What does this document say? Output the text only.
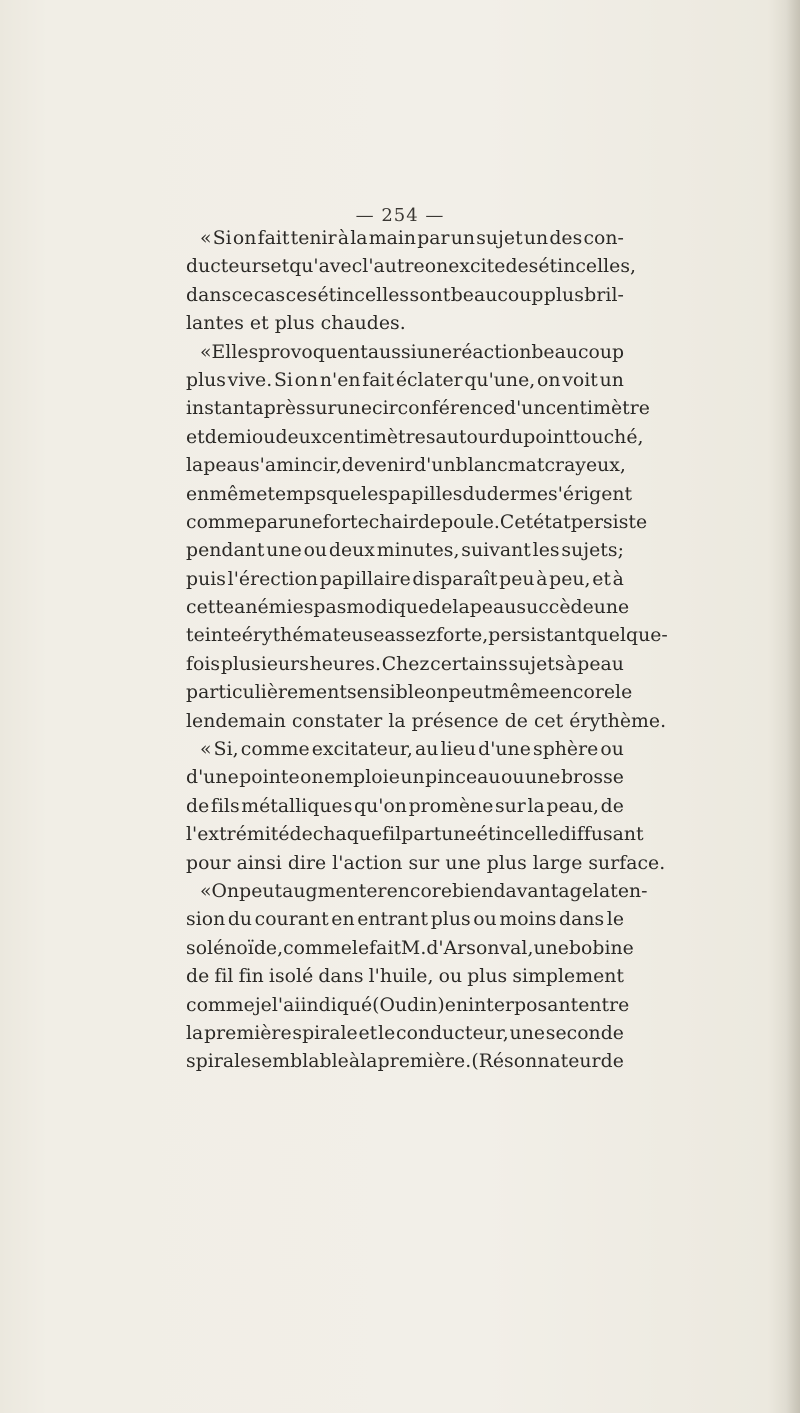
— 254 —
« Si on fait tenir à la main par un sujet un des con-
ducteurs et qu'avec l'autre on excite des étincelles,
dans ce cas ces étincelles sont beaucoup plus bril-
lantes et plus chaudes.
« Elles provoquent aussi une réaction beaucoup
plus vive. Si on n'en fait éclater qu'une, on voit un
instant après sur une circonférence d'un centimètre
et demi ou deux centimètres autour du point touché,
la peau s'amincir, devenir d'un blanc mat crayeux,
en même temps que les papilles du derme s'érigent
comme par une forte chair de poule. Cet état persiste
pendant une ou deux minutes, suivant les sujets;
puis l'érection papillaire disparaît peu à peu, et à
cette anémie spasmodique de la peau succède une
teinte érythémateuse assez forte, persistant quelque-
fois plusieurs heures. Chez certains sujets à peau
particulièrement sensible on peut même encore le
lendemain constater la présence de cet érythème.
« Si, comme excitateur, au lieu d'une sphère ou
d'une pointe on emploie un pinceau ou une brosse
de fils métalliques qu'on promène sur la peau, de
l'extrémité de chaque fil part une étincelle diffusant
pour ainsi dire l'action sur une plus large surface.
« On peut augmenter encore bien davantage la ten-
sion du courant en entrant plus ou moins dans le
solénoïde, comme le fait M. d'Arsonval, une bobine
de fil fin isolé dans l'huile, ou plus simplement
comme je l'ai indiqué (Oudin) en interposant entre
la première spirale et le conducteur, une seconde
spirale semblable à la première. (Résonnateur de
